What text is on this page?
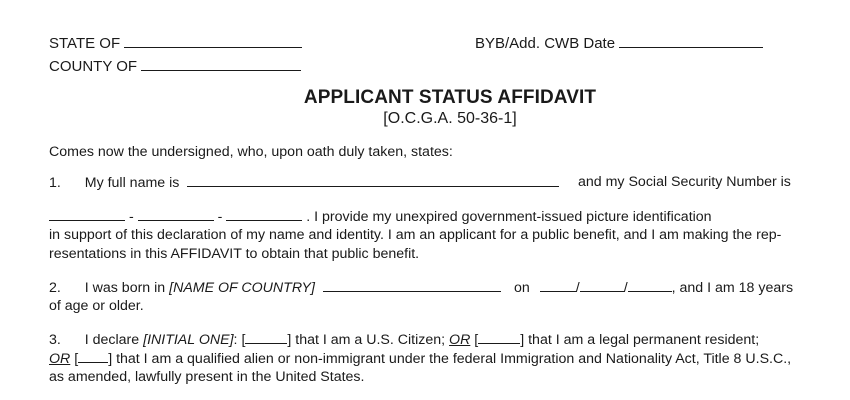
STATE OF
COUNTY OF
BYB/Add. CWB Date
APPLICANT STATUS AFFIDAVIT
[O.C.G.A. 50-36-1]
Comes now the undersigned, who, upon oath duly taken, states:
1. My full name is	and my Social Security Number is
-	-	. I provide my unexpired government-issued picture identification
in support of this declaration of my name and identity. I am an applicant for a public benefit, and I am making the rep-
resentations in this AFFIDAVIT to obtain that public benefit.
2. I was born in [NAME OF COUNTRY]	on	/	/	, and I am 18 years
of age or older.
3. I declare [INITIAL ONE]: [	] that I am a U.S. Citizen; OR [	] that I am a legal permanent resident;
OR [ ] that I am a qualified alien or non-immigrant under the federal Immigration and Nationality Act, Title 8 U.S.C.,
as amended, lawfully present in the United States.
